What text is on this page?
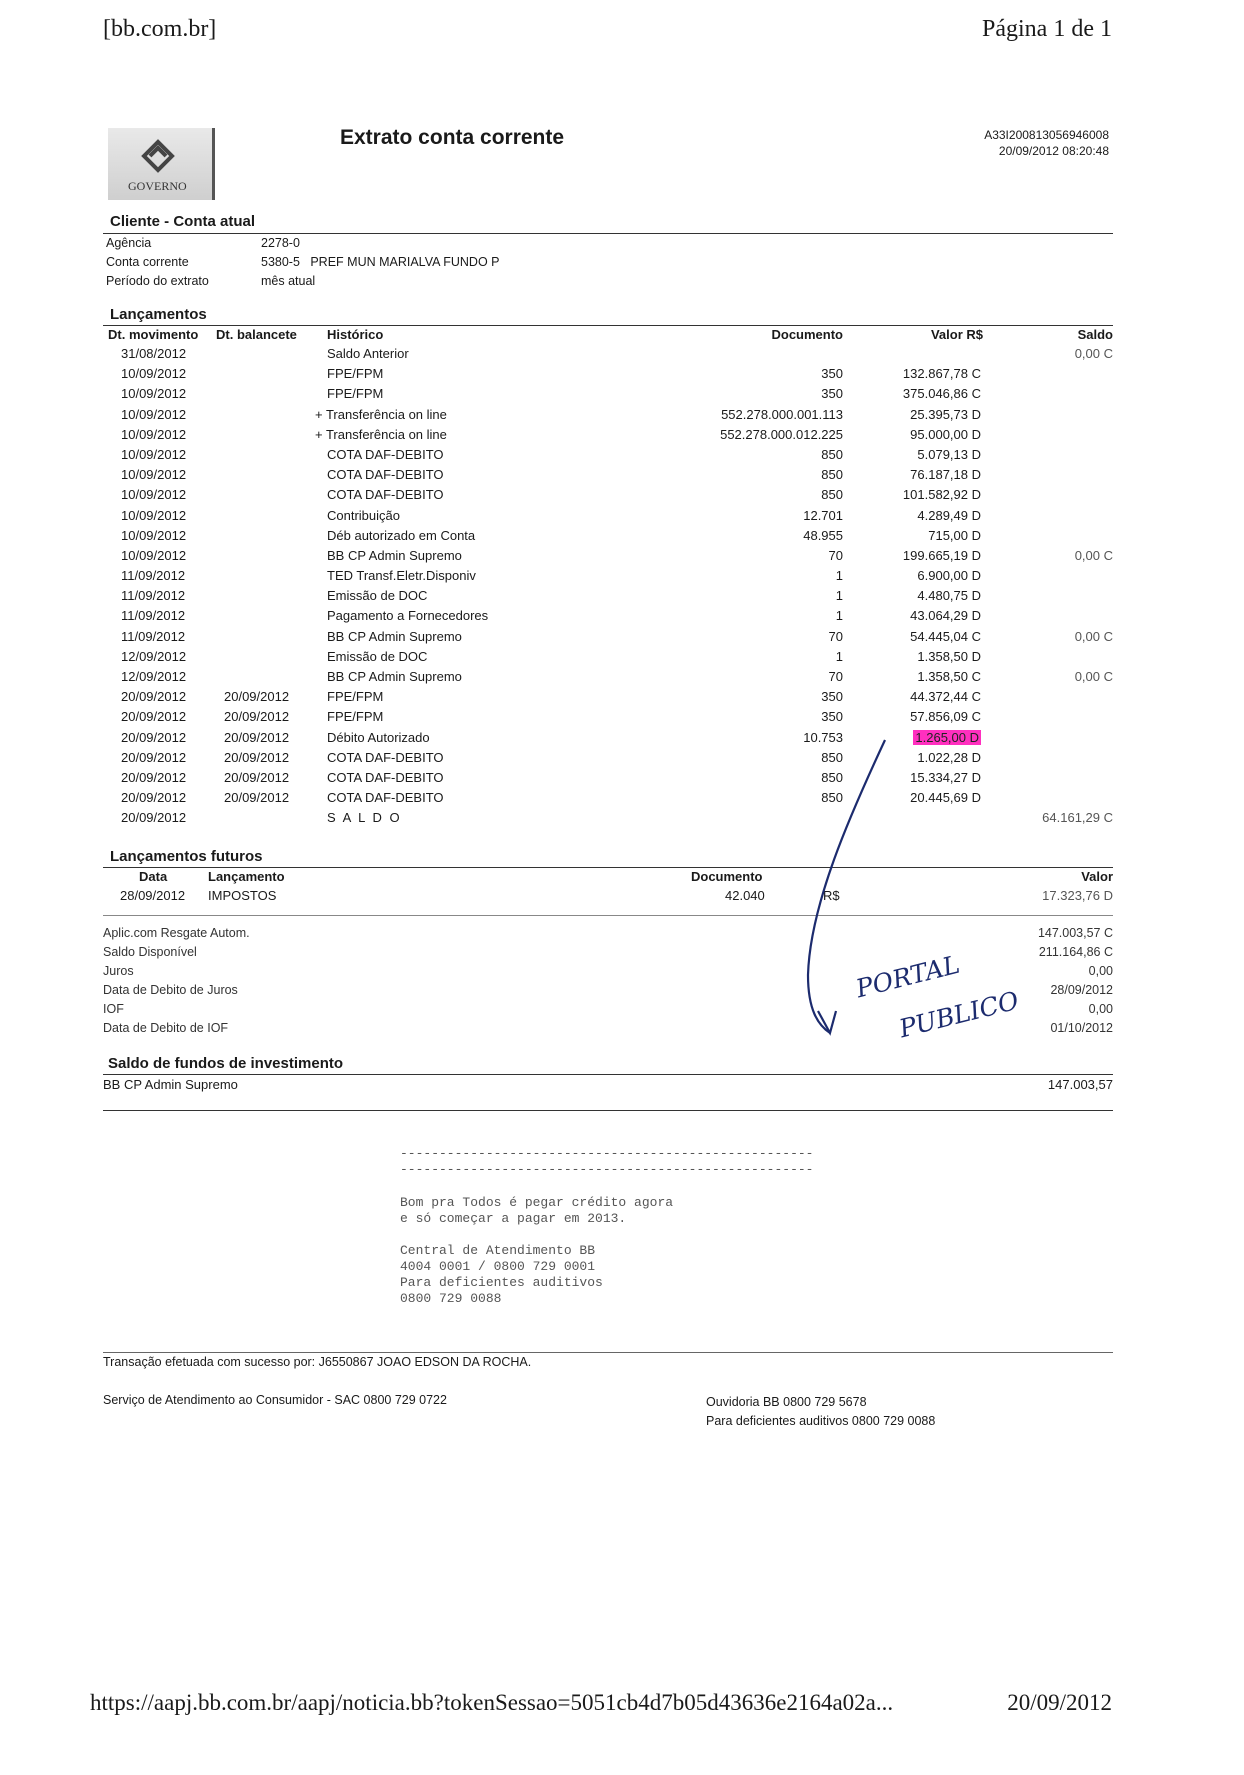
[bb.com.br]	Página 1 de 1
GOVERNO
Extrato conta corrente	A33I200813056946008
20/09/2012 08:20:48
Cliente - Conta atual
Agência	2278-0
Conta corrente	5380-5   PREF MUN MARIALVA FUNDO P
Período do extrato	mês atual
Lançamentos
Dt. movimento Dt. balancete Histórico	Documento	Valor R$	Saldo
31/08/2012	Saldo Anterior	0,00 C
10/09/2012	FPE/FPM	350	132.867,78 C
10/09/2012	FPE/FPM	350	375.046,86 C
10/09/2012	+ Transferência on line	552.278.000.001.113	25.395,73 D
10/09/2012	+ Transferência on line	552.278.000.012.225	95.000,00 D
10/09/2012	COTA DAF-DEBITO	850	5.079,13 D
10/09/2012	COTA DAF-DEBITO	850	76.187,18 D
10/09/2012	COTA DAF-DEBITO	850	101.582,92 D
10/09/2012	Contribuição	12.701	4.289,49 D
10/09/2012	Déb autorizado em Conta	48.955	715,00 D
10/09/2012	BB CP Admin Supremo	70	199.665,19 D	0,00 C
11/09/2012	TED Transf.Eletr.Disponiv	1	6.900,00 D
11/09/2012	Emissão de DOC	1	4.480,75 D
11/09/2012	Pagamento a Fornecedores	1	43.064,29 D
11/09/2012	BB CP Admin Supremo	70	54.445,04 C	0,00 C
12/09/2012	Emissão de DOC	1	1.358,50 D
12/09/2012	BB CP Admin Supremo	70	1.358,50 C	0,00 C
20/09/2012	20/09/2012	FPE/FPM	350	44.372,44 C
20/09/2012	20/09/2012	FPE/FPM	350	57.856,09 C
20/09/2012	20/09/2012	Débito Autorizado	10.753	1.265,00 D
20/09/2012	20/09/2012	COTA DAF-DEBITO	850	1.022,28 D
20/09/2012	20/09/2012	COTA DAF-DEBITO	850	15.334,27 D
20/09/2012	20/09/2012	COTA DAF-DEBITO	850	20.445,69 D
20/09/2012	S A L D O	64.161,29 C
Lançamentos futuros
Data	Lançamento	Documento	Valor
28/09/2012 IMPOSTOS	42.040	R$	17.323,76 D
Aplic.com Resgate Autom.	147.003,57 C
Saldo Disponível	211.164,86 C
Juros	0,00
Data de Debito de Juros	28/09/2012
IOF	0,00
Data de Debito de IOF	01/10/2012
Saldo de fundos de investimento
BB CP Admin Supremo	147.003,57
PORTAL
PUBLICO
-----------------------------------------------------
-----------------------------------------------------
Bom pra Todos é pegar crédito agora
e só começar a pagar em 2013.
Central de Atendimento BB
4004 0001 / 0800 729 0001
Para deficientes auditivos
0800 729 0088
Transação efetuada com sucesso por: J6550867 JOAO EDSON DA ROCHA.
Serviço de Atendimento ao Consumidor - SAC 0800 729 0722	Ouvidoria BB 0800 729 5678
Para deficientes auditivos 0800 729 0088
https://aapj.bb.com.br/aapj/noticia.bb?tokenSessao=5051cb4d7b05d43636e2164a02a...	20/09/2012
